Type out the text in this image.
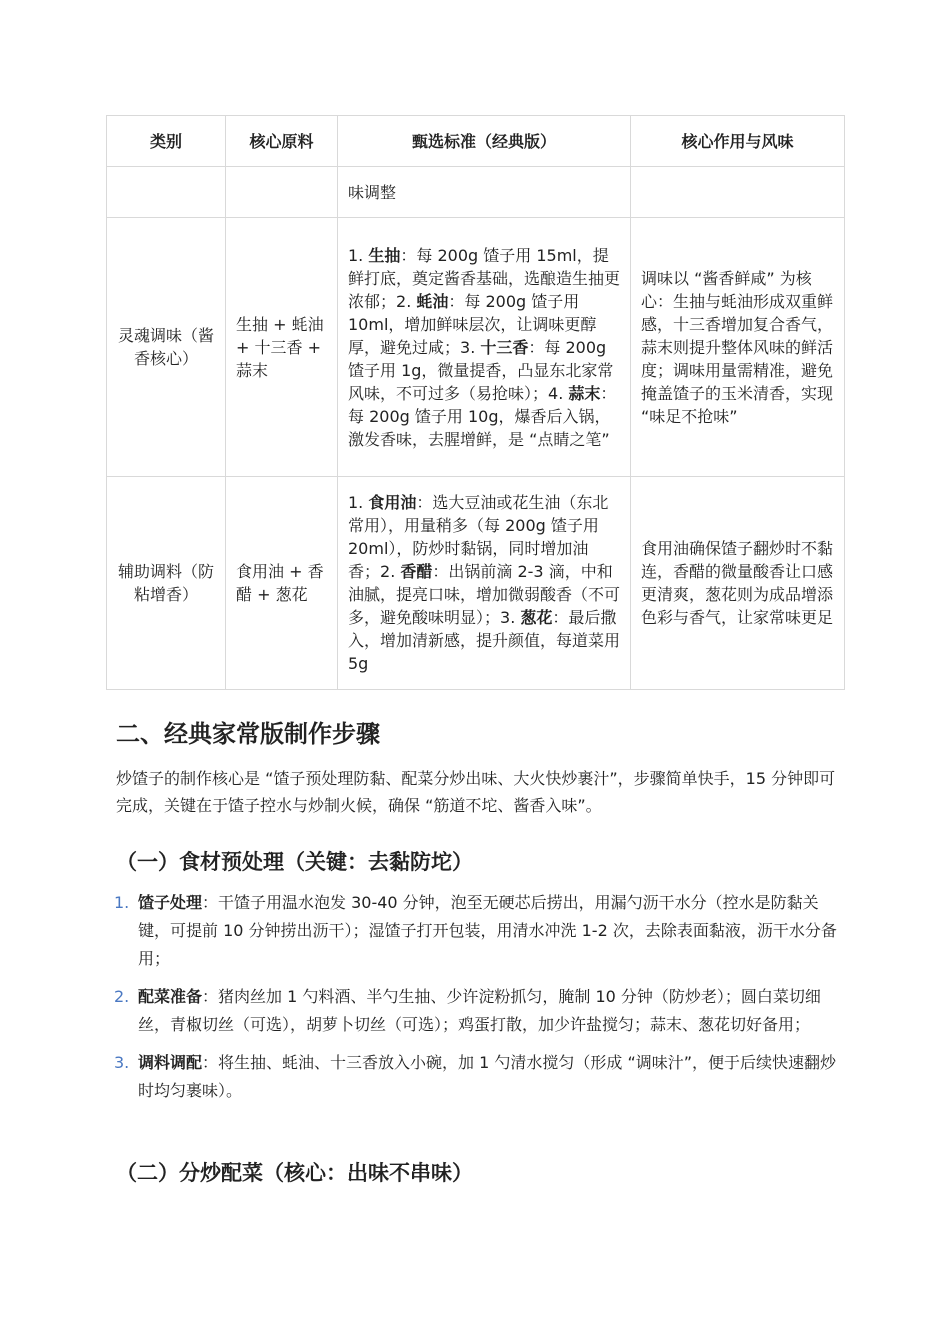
类别	核心原料	甄选标准（经典版）	核心作用与风味
		味调整	
灵魂调味（酱香核心）	生抽 + 蚝油 + 十三香 + 蒜末	1. 生抽：每 200g 馇子用 15ml，提鲜打底，奠定酱香基础，选酿造生抽更浓郁；2. 蚝油：每 200g 馇子用 10ml，增加鲜味层次，让调味更醇厚，避免过咸；3. 十三香：每 200g 馇子用 1g，微量提香，凸显东北家常风味，不可过多（易抢味）；4. 蒜末：每 200g 馇子用 10g，爆香后入锅，激发香味，去腥增鲜，是 “点睛之笔”	调味以 “酱香鲜咸” 为核心：生抽与蚝油形成双重鲜感，十三香增加复合香气，蒜末则提升整体风味的鲜活度；调味用量需精准，避免掩盖馇子的玉米清香，实现 “味足不抢味”
辅助调料（防粘增香）	食用油 + 香醋 + 葱花	1. 食用油：选大豆油或花生油（东北常用），用量稍多（每 200g 馇子用 20ml），防炒时黏锅，同时增加油香；2. 香醋：出锅前滴 2-3 滴，中和油腻，提亮口味，增加微弱酸香（不可多，避免酸味明显）；3. 葱花：最后撒入，增加清新感，提升颜值，每道菜用 5g	食用油确保馇子翻炒时不黏连，香醋的微量酸香让口感更清爽，葱花则为成品增添色彩与香气，让家常味更足
二、经典家常版制作步骤

炒馇子的制作核心是 “馇子预处理防黏、配菜分炒出味、大火快炒裹汁”，步骤简单快手，15 分钟即可完成，关键在于馇子控水与炒制火候，确保 “筋道不坨、酱香入味”。

（一）食材预处理（关键：去黏防坨）
1. 馇子处理：干馇子用温水泡发 30-40 分钟，泡至无硬芯后捞出，用漏勺沥干水分（控水是防黏关键，可提前 10 分钟捞出沥干）；湿馇子打开包装，用清水冲洗 1-2 次，去除表面黏液，沥干水分备用；
2. 配菜准备：猪肉丝加 1 勺料酒、半勺生抽、少许淀粉抓匀，腌制 10 分钟（防炒老）；圆白菜切细丝，青椒切丝（可选），胡萝卜切丝（可选）；鸡蛋打散，加少许盐搅匀；蒜末、葱花切好备用；
3. 调料调配：将生抽、蚝油、十三香放入小碗，加 1 勺清水搅匀（形成 “调味汁”，便于后续快速翻炒时均匀裹味）。
（二）分炒配菜（核心：出味不串味）
